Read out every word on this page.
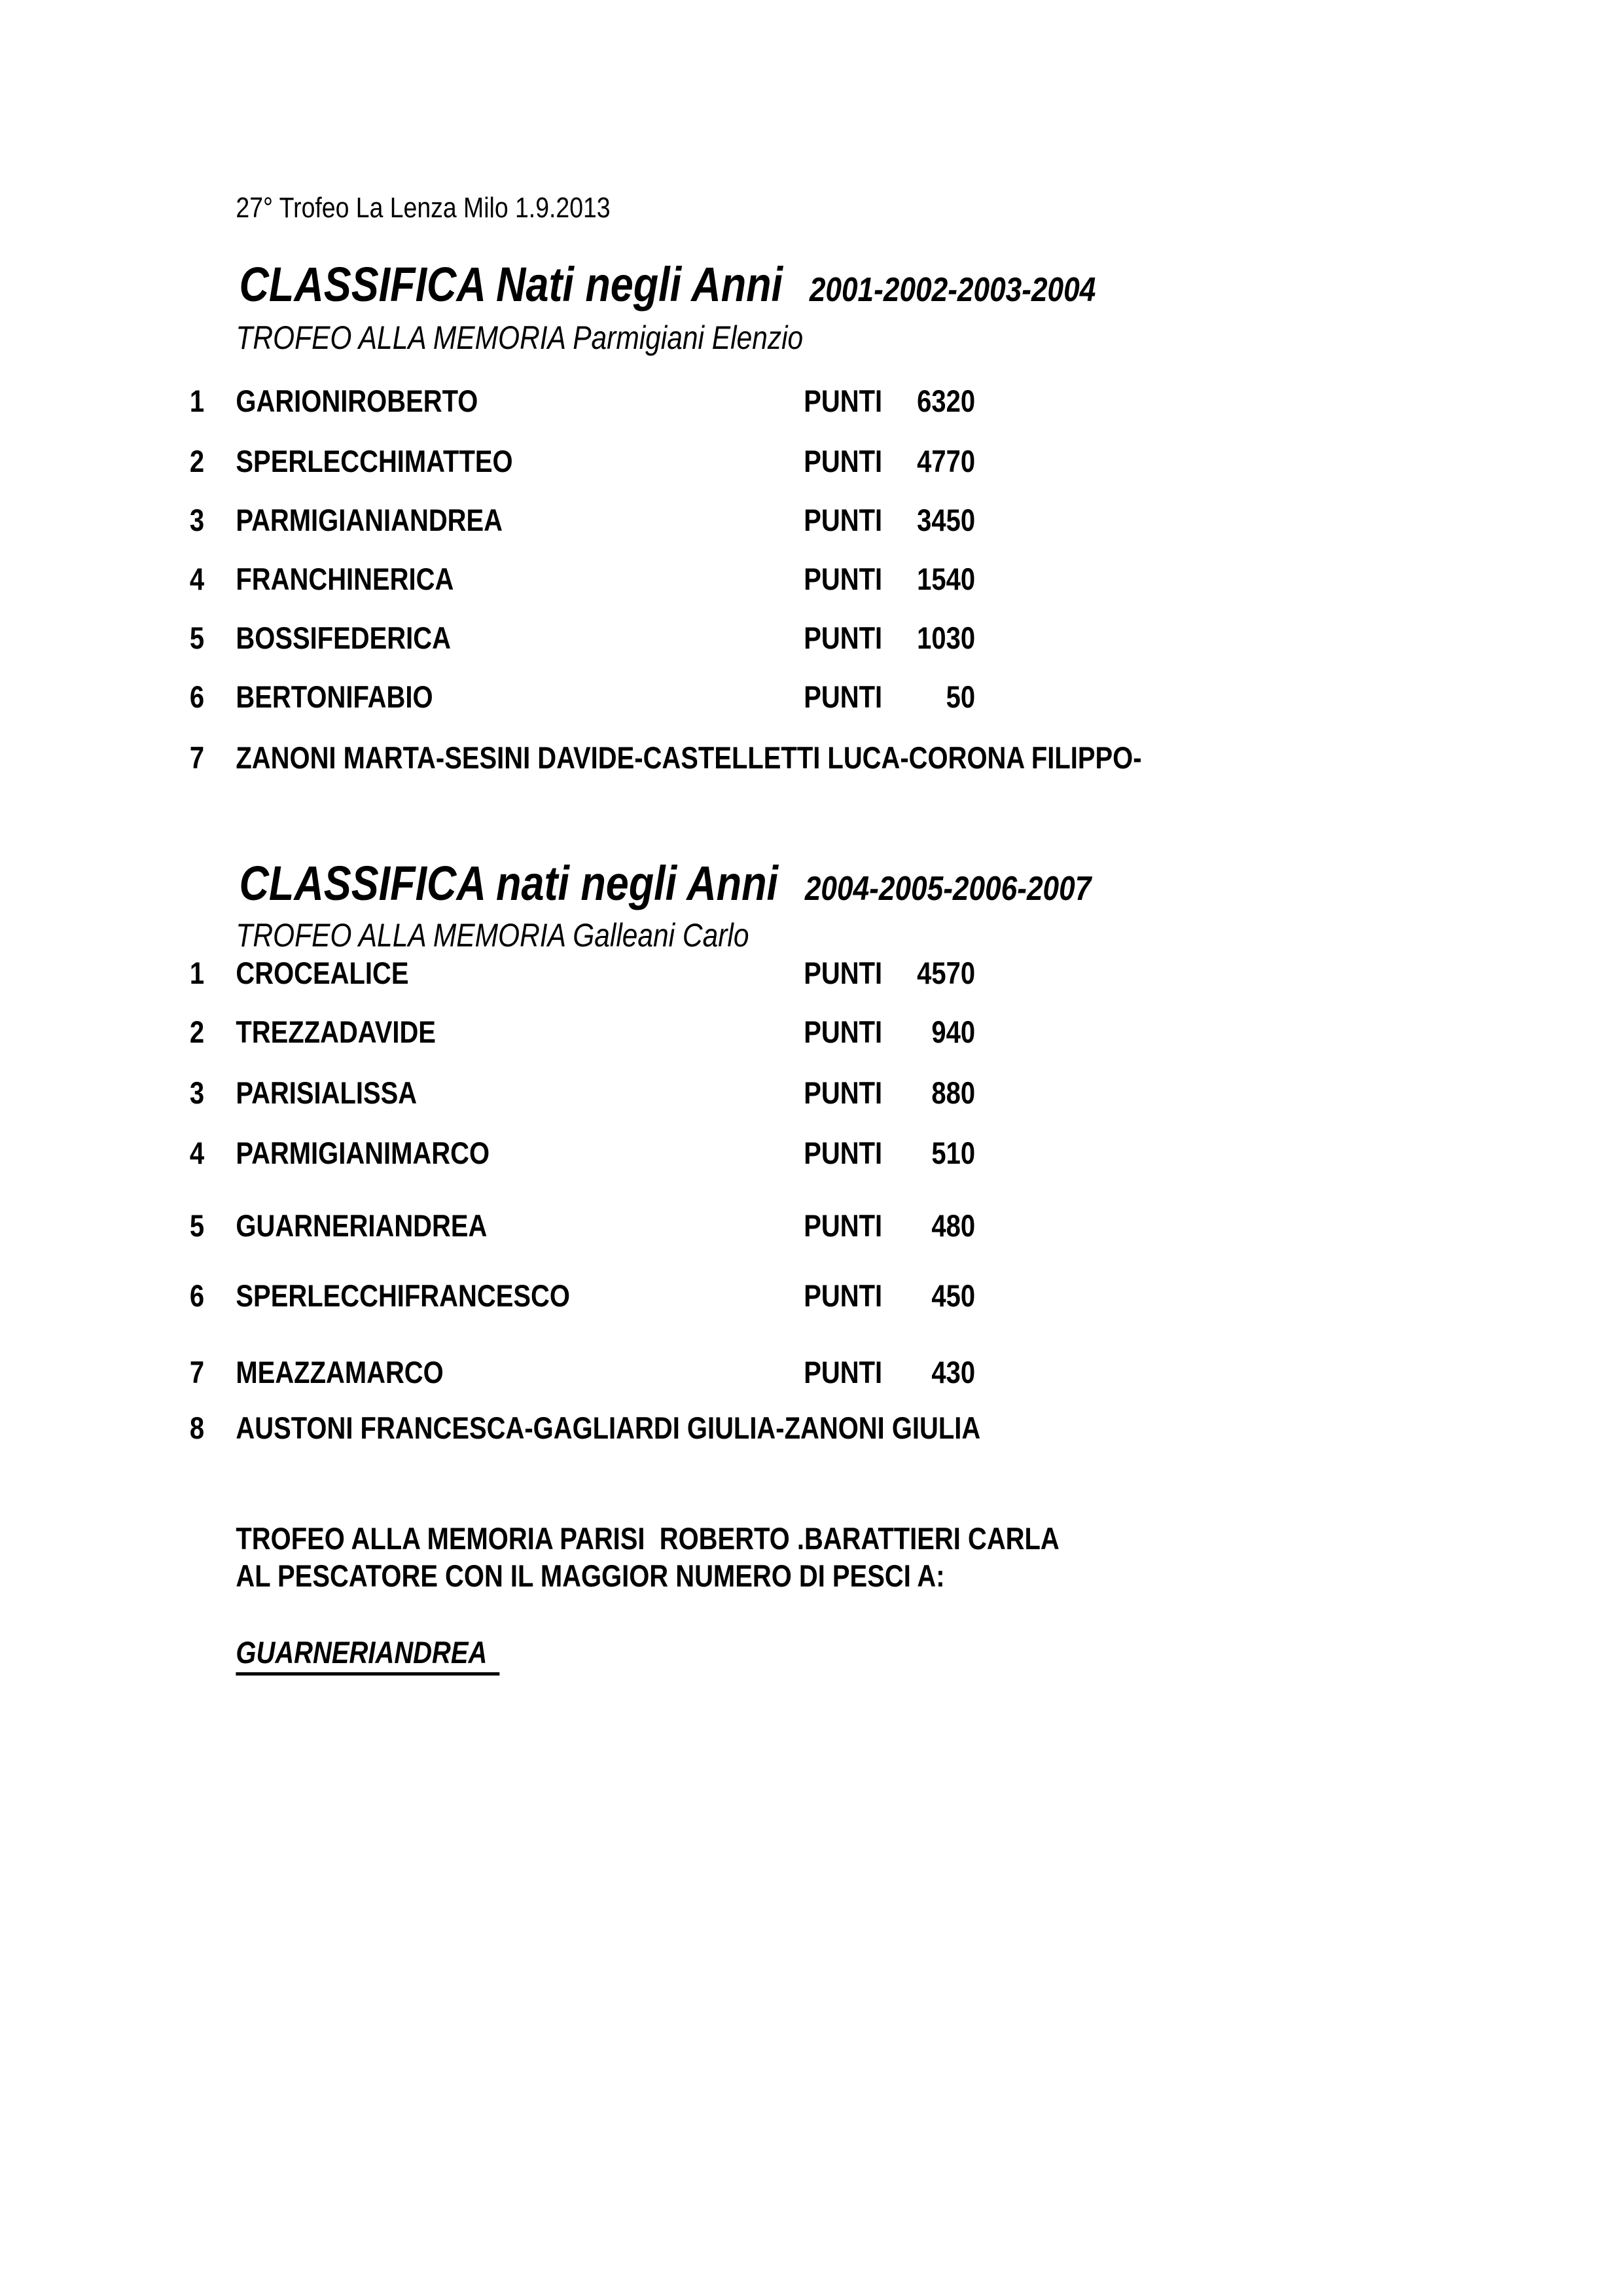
27° Trofeo La Lenza Milo 1.9.2013
CLASSIFICA Nati negli Anni 2001-2002-2003-2004
TROFEO ALLA MEMORIA Parmigiani Elenzio
1 GARIONIROBERTO	PUNTI	6320
2 SPERLECCHIMATTEO	PUNTI	4770
3 PARMIGIANIANDREA	PUNTI	3450
4 FRANCHINERICA	PUNTI	1540
5 BOSSIFEDERICA	PUNTI	1030
6 BERTONIFABIO	PUNTI	50
7 ZANONI MARTA-SESINI DAVIDE-CASTELLETTI LUCA-CORONA FILIPPO-
CLASSIFICA nati negli Anni 2004-2005-2006-2007
TROFEO ALLA MEMORIA Galleani Carlo
1 CROCEALICE	PUNTI	4570
2 TREZZADAVIDE	PUNTI	940
3 PARISIALISSA	PUNTI	880
4 PARMIGIANIMARCO	PUNTI	510
5 GUARNERIANDREA	PUNTI	480
6 SPERLECCHIFRANCESCO	PUNTI	450
7 MEAZZAMARCO	PUNTI	430
8 AUSTONI FRANCESCA-GAGLIARDI GIULIA-ZANONI GIULIA
TROFEO ALLA MEMORIA PARISI  ROBERTO .BARATTIERI CARLA
AL PESCATORE CON IL MAGGIOR NUMERO DI PESCI A:
GUARNERIANDREA
